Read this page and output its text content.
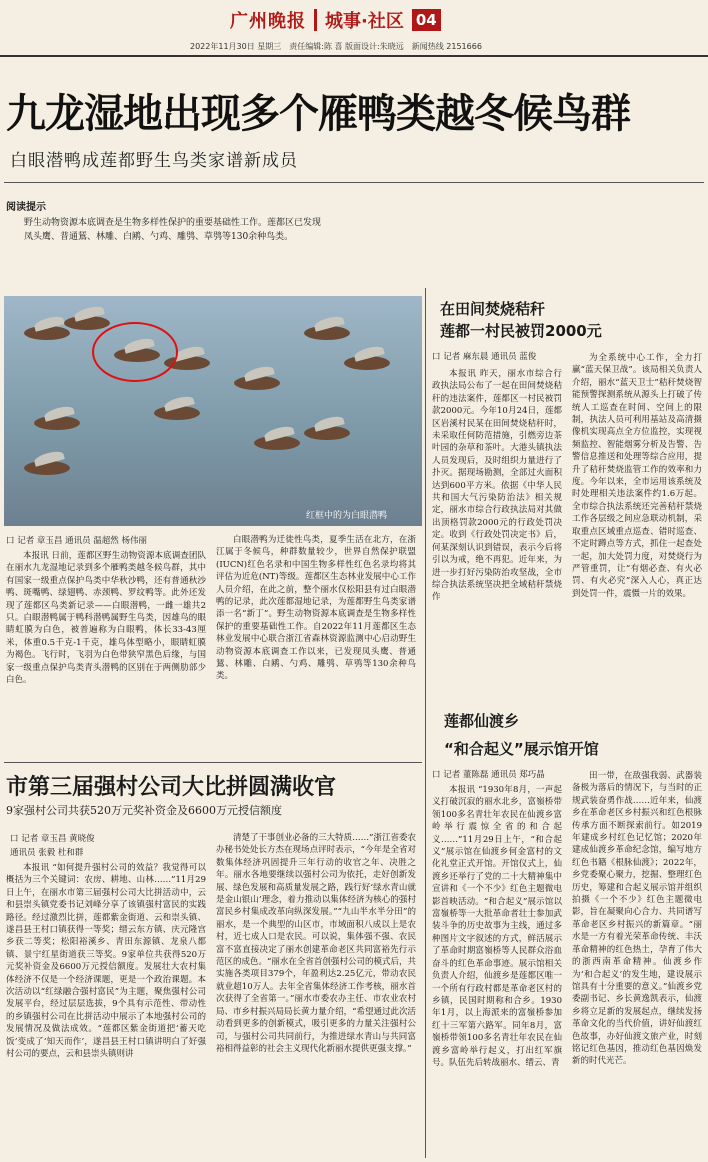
广州晚报 城事·社区 04
2022年11月30日 星期三　责任编辑:陈 喜 版面设计:朱晓远　新闻热线 2151666
九龙湿地出现多个雁鸭类越冬候鸟群
白眼潜鸭成莲都野生鸟类家谱新成员
阅读提示
野生动物资源本底调查是生物多样性保护的重要基础性工作。莲都区已发现凤头鹰、普通鵟、林雕、白鹇、勺鸡、雕鸮、草鸮等130余种鸟类。
红框中的为白眼潜鸭
口 记者 章玉昌 通讯员 温超然 杨伟丽

本报讯 日前，莲都区野生动物资源本底调查团队在丽水九龙湿地记录到多个雁鸭类越冬候鸟群，其中有国家一级重点保护鸟类中华秋沙鸭，还有普通秋沙鸭、斑嘴鸭、绿翅鸭、赤颈鸭、罗纹鸭等。此外还发现了莲都区鸟类新记录——白眼潜鸭，一雌一雄共2只。白眼潜鸭属于鸭科潜鸭属野生鸟类，因雄鸟的眼睛虹膜为白色，被普遍称为白眼鸭，体长33-43厘米，体重0.5千克-1千克，雄鸟体型略小，眼睛虹膜为褐色。飞行时，飞羽为白色带狭窄黑色后缘，与国家一级重点保护鸟类青头潜鸭的区别在于两侧肋部少白色。

白眼潜鸭为迁徙性鸟类，夏季生活在北方，在浙江属于冬候鸟，种群数量较少，世界自然保护联盟(IUCN)红色名录和中国生物多样性红色名录均将其评估为近危(NT)等级。莲都区生态林业发展中心工作人员介绍，在此之前，整个丽水仅松阳县有过白眼潜鸭的记录，此次莲都湿地记录，为莲都野生鸟类家谱添一名“新丁”。野生动物资源本底调查是生物多样性保护的重要基础性工作。自2022年11月莲都区生态林业发展中心联合浙江省森林资源监测中心启动野生动物资源本底调查工作以来，已发现凤头鹰、普通鵟、林雕、白鹇、勺鸡、雕鸮、草鸮等130余种鸟类。

在田间焚烧秸秆
莲都一村民被罚2000元
口 记者 麻东晨 通讯员 蓝俊

本报讯 昨天，丽水市综合行政执法局公布了一起在田间焚烧秸秆的违法案件，莲都区一村民被罚款2000元。今年10月24日，莲都区岩溪村民某在田间焚烧秸秆时，未采取任何防范措施，引燃旁边茶叶园的杂草和茶叶。大港头镇执法人员发现后，及时组织力量进行了扑灭。据现场勘测，全部过火面积达到600平方米。依据《中华人民共和国大气污染防治法》相关规定，丽水市综合行政执法局对其做出顶格罚款2000元的行政处罚决定。收到《行政处罚决定书》后，何某深刻认识到错误，表示今后将引以为戒，绝不再犯。近年来，为进一步打好污染防治攻坚战，全市综合执法系统坚决把全域秸秆禁烧作

为全系统中心工作，全力打赢“蓝天保卫战”。该局相关负责人介绍，丽水“蓝天卫士”秸秆焚烧智能预警探测系统从源头上打破了传统人工巡查在时间、空间上的限制，执法人员可利用基站及高清摄像机实现高点全方位监控，实现视频监控、智能烟雾分析及告警、告警信息推送和处理等综合应用，提升了秸秆焚烧监管工作的效率和力度。今年以来，全市运用该系统及时处理相关违法案件约1.6万起。全市综合执法系统还完善秸秆禁烧工作各层级之间应急联动机制，采取重点区域重点巡查、错时巡查、不定时蹲点等方式，抓住一起查处一起，加大处罚力度，对焚烧行为严管重罚，让“有烟必查、有火必罚、有火必究”深入人心，真正达到处罚一件，震慑一片的效果。

莲都仙渡乡
“和合起义”展示馆开馆
口 记者 董陈磊 通讯员 郑巧晶

本报讯 “1930年8月，一声起义打破沉寂的丽水北乡，富嶺桥带领100多名青壮年农民在仙渡乡富岭举行震惊全省的和合起义……”11月29日上午，“和合起义”展示馆在仙渡乡何金富村的文化礼堂正式开馆。开馆仪式上，仙渡乡还举行了党的二十大精神集中宣讲和《一个不少》红色主题微电影首映活动。“和合起义”展示馆以富嶺桥等一大批革命者壮士参加武装斗争的历史故事为主线，通过多种图片文字叙述的方式，鲜活展示了革命时期富嶺桥等人民群众浴血奋斗的红色革命事迹。展示馆相关负责人介绍，仙渡乡是莲都区唯一一个所有行政村都是革命老区村的乡镇，民国时期称和合乡。1930年1月，以上海派来的富嶺桥参加红十三军第六路军。同年8月，富嶺桥带领100多名青壮年农民在仙渡乡富岭举行起义，打出红军旗号。队伍先后转战丽水、缙云、青

田一带，在敌强我弱、武器装备极为落后的情况下，与当时的正规武装奋勇作战……近年来，仙渡乡在革命老区乡村振兴和红色根脉传承方面不断探索前行。如2019年建成乡村红色记忆馆；2020年建成仙渡乡革命纪念馆，编写地方红色书籍《根脉仙渡》；2022年，乡党委聚心聚力，挖掘、整理红色历史，筹建和合起义展示馆并组织拍摄《一个不少》红色主题微电影，旨在凝聚向心合力、共同谱写革命老区乡村振兴的新篇章。“丽水是一方有着光荣革命传统、丰沃革命精神的红色热土，孕育了伟大的浙西南革命精神。仙渡乡作为‘和合起义’的发生地，建设展示馆具有十分重要的意义。”仙渡乡党委副书记、乡长黄逸凯表示，仙渡乡将立足新的发展起点，继续发扬革命文化的当代价值，讲好仙渡红色故事，办好仙渡文旅产业，时刻铭记红色基因，推动红色基因焕发新的时代光芒。

市第三届强村公司大比拼圆满收官
9家强村公司共获520万元奖补资金及6600万元授信额度
口 记者 章玉昌 黄晓俊
通讯员 张毅 杜和群

本报讯 “如何提升强村公司的效益？我觉得可以概括为三个关键词：农房、耕地、山林……”11月29日上午，在丽水市第三届强村公司大比拼活动中，云和县崇头镇党委书记刘峰分享了该镇强村富民的实践路径。经过激烈比拼，莲都紫金街道、云和崇头镇、遂昌县王村口镇获得一等奖；缙云东方镇、庆元隆宫乡获二等奖；松阳裕溪乡、青田东源镇、龙泉八都镇、景宁红星街道获三等奖。9家单位共获得520万元奖补资金及6600万元授信额度。发展壮大农村集体经济不仅是一个经济课题，更是一个政治课题。本次活动以“红绿融合强村富民”为主题，聚焦强村公司发展平台，经过层层选拔，9个具有示范性、带动性的乡镇强村公司在比拼活动中展示了本地强村公司的发展情况及做法成效。“莲都区紫金街道把‘蓄天吃饭’变成了‘知天而作’，遂昌县王村口镇讲明白了好强村公司的要点，云和县崇头镇则讲

清楚了干事创业必备的三大特质……”浙江省委农办秘书处处长方杰在现场点评时表示，“今年是全省对数集体经济巩固提升三年行动的收官之年、决胜之年。丽水各地要继续以强村公司为依托，走好创新发展、绿色发展和高质量发展之路，践行好‘绿水青山就是金山银山’理念，着力推动以集体经济为核心的强村富民乡村集成改革向纵深发展。”“九山半水半分田”的丽水，是一个典型的山区市，市域面积八成以上是农村，近七成人口是农民。可以说，集体强不强、农民富不富直接决定了丽水创建革命老区共同富裕先行示范区的成色。“丽水在全省首创强村公司的模式后，共实施各类项目379个，年盈利达2.25亿元，带动农民就业超10万人。去年全省集体经济工作考核，丽水首次获得了全省第一。”丽水市委农办主任、市农业农村局、市乡村振兴局局长黄力量介绍，“希望通过此次活动看到更多的创新模式，吸引更多的力量关注强村公司，与强村公司共同前行，为推进绿水青山与共同富裕相得益彰的社会主义现代化新丽水提供更强支撑。”
